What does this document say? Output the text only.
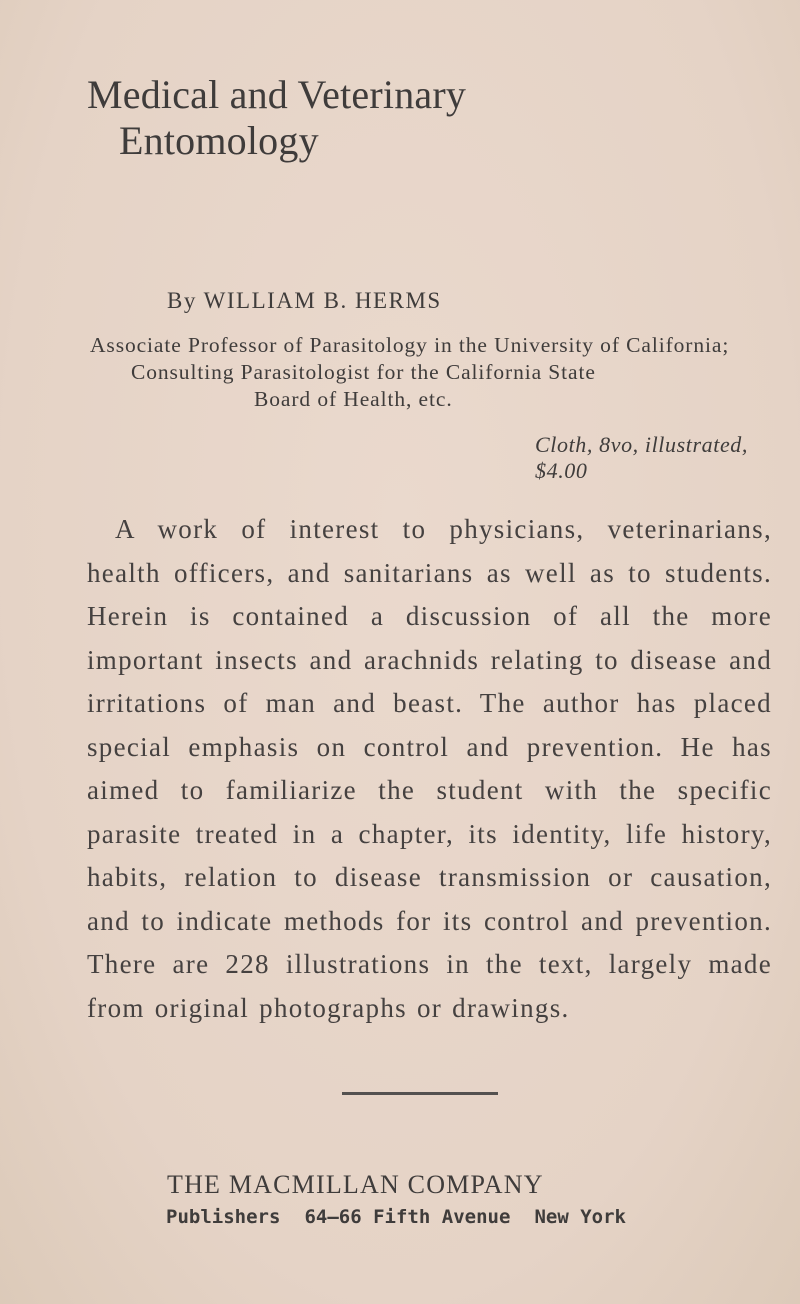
Medical and Veterinary
Entomology
By WILLIAM B. HERMS
Associate Professor of Parasitology in the University of California;
Consulting Parasitologist for the California State
Board of Health, etc.
Cloth, 8vo, illustrated, $4.00

A work of interest to physicians, veterinarians, health officers, and sanitarians as well as to students. Herein is contained a discussion of all the more important insects and arachnids relating to disease and irritations of man and beast. The author has placed special emphasis on control and prevention. He has aimed to familiarize the student with the specific parasite treated in a chapter, its identity, life history, habits, relation to disease transmission or causation, and to indicate methods for its control and prevention. There are 228 illustrations in the text, largely made from original photographs or drawings.

THE MACMILLAN COMPANY
Publishers 64–66 Fifth Avenue New York
